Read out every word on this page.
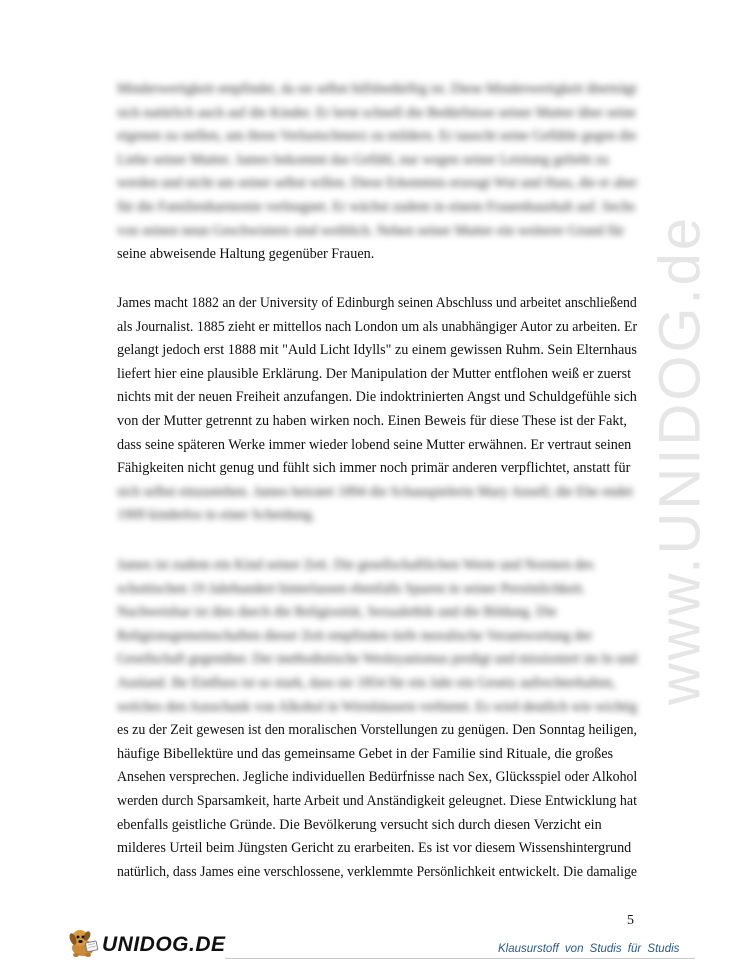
www.UNIDOG.de
Minderwertigkeit empfindet, da sie selbst hilfsbedürftig ist. Diese Minderwertigkeit überträgt
sich natürlich auch auf die Kinder. Er lernt schnell die Bedürfnisse seiner Mutter über seine
eigenen zu stellen, um ihren Verlustschmerz zu mildern. Er tauscht seine Gefühle gegen die
Liebe seiner Mutter. James bekommt das Gefühl, nur wegen seiner Leistung geliebt zu
werden und nicht um seiner selbst willen. Diese Erkenntnis erzeugt Wut und Hass, die er aber
für die Familienharmonie verleugnet. Er wächst zudem in einem Frauenhaushalt auf. Sechs
von seinen neun Geschwistern sind weiblich. Neben seiner Mutter ein weiterer Grund für
seine abweisende Haltung gegenüber Frauen.
James macht 1882 an der University of Edinburgh seinen Abschluss und arbeitet anschließend
als Journalist. 1885 zieht er mittellos nach London um als unabhängiger Autor zu arbeiten. Er
gelangt jedoch erst 1888 mit "Auld Licht Idylls" zu einem gewissen Ruhm. Sein Elternhaus
liefert hier eine plausible Erklärung. Der Manipulation der Mutter entflohen weiß er zuerst
nichts mit der neuen Freiheit anzufangen. Die indoktrinierten Angst und Schuldgefühle sich
von der Mutter getrennt zu haben wirken noch. Einen Beweis für diese These ist der Fakt,
dass seine späteren Werke immer wieder lobend seine Mutter erwähnen. Er vertraut seinen
Fähigkeiten nicht genug und fühlt sich immer noch primär anderen verpflichtet, anstatt für
sich selbst einzustehen. James heiratet 1894 die Schauspielerin Mary Ansell; die Ehe endet
1909 kinderlos in einer Scheidung.
James ist zudem ein Kind seiner Zeit. Die gesellschaftlichen Werte und Normen des
schottischen 19 Jahrhundert hinterlassen ebenfalls Spuren in seiner Persönlichkeit.
Nachweisbar ist dies durch die Religiosität, Sexualethik und die Bildung. Die
Religionsgemeinschaften dieser Zeit empfinden tiefe moralische Verantwortung der
Gesellschaft gegenüber. Der methodistische Wesleyanismus predigt und missioniert im In und
Ausland. Ihr Einfluss ist so stark, dass sie 1854 für ein Jahr ein Gesetz aufrechterhalten,
welches den Ausschank von Alkohol in Wirtshäusern verbietet. Es wird deutlich wie wichtig
es zu der Zeit gewesen ist den moralischen Vorstellungen zu genügen. Den Sonntag heiligen,
häufige Bibellektüre und das gemeinsame Gebet in der Familie sind Rituale, die großes
Ansehen versprechen. Jegliche individuellen Bedürfnisse nach Sex, Glücksspiel oder Alkohol
werden durch Sparsamkeit, harte Arbeit und Anständigkeit geleugnet. Diese Entwicklung hat
ebenfalls geistliche Gründe. Die Bevölkerung versucht sich durch diesen Verzicht ein
milderes Urteil beim Jüngsten Gericht zu erarbeiten. Es ist vor diesem Wissenshintergrund
natürlich, dass James eine verschlossene, verklemmte Persönlichkeit entwickelt. Die damalige
5
UNIDOG.DE	Klausurstoff von Studis für Studis
